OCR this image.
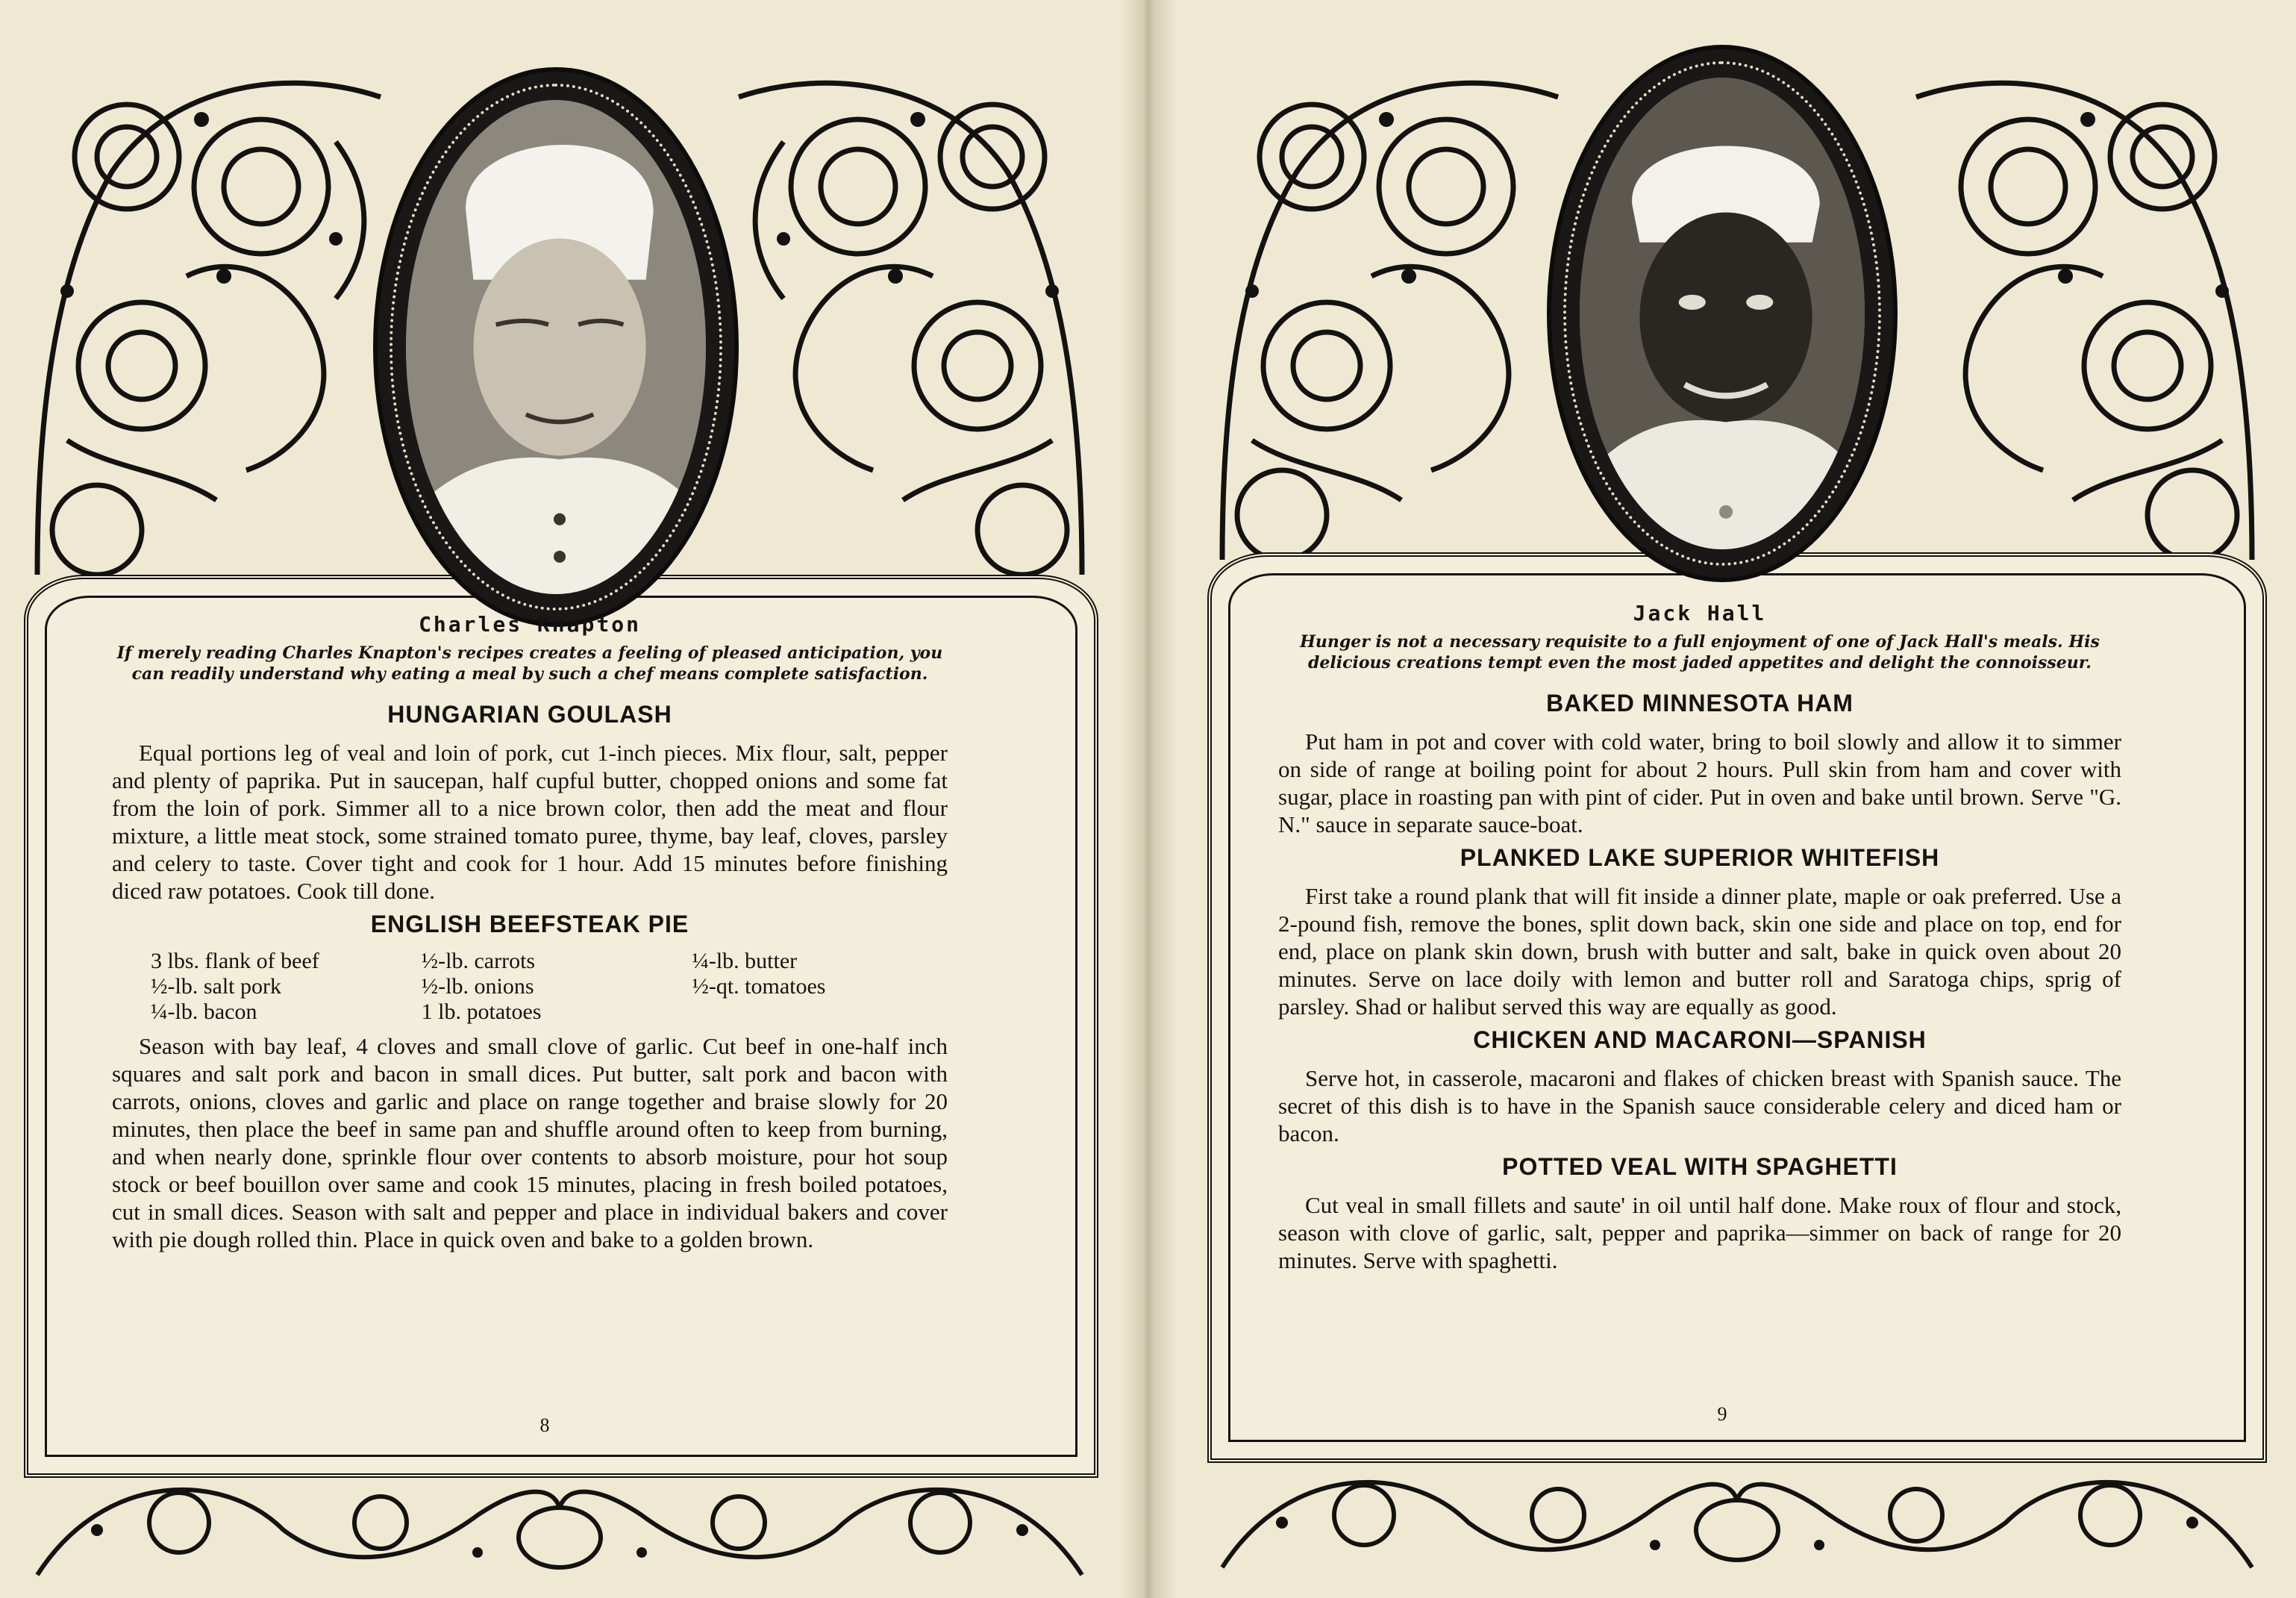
Charles Knapton
If merely reading Charles Knapton's recipes creates a feeling of pleased anticipation, you can readily understand why eating a meal by such a chef means complete satisfaction.
HUNGARIAN GOULASH

Equal portions leg of veal and loin of pork, cut 1-inch pieces. Mix flour, salt, pepper and plenty of paprika. Put in saucepan, half cupful butter, chopped onions and some fat from the loin of pork. Simmer all to a nice brown color, then add the meat and flour mixture, a little meat stock, some strained tomato puree, thyme, bay leaf, cloves, parsley and celery to taste. Cover tight and cook for 1 hour. Add 15 minutes before finishing diced raw potatoes. Cook till done.

ENGLISH BEEFSTEAK PIE
3 lbs. flank of beef
½-lb. salt pork
¼-lb. bacon
½-lb. carrots
½-lb. onions
1 lb. potatoes
¼-lb. butter
½-qt. tomatoes

Season with bay leaf, 4 cloves and small clove of garlic. Cut beef in one-half inch squares and salt pork and bacon in small dices. Put butter, salt pork and bacon with carrots, onions, cloves and garlic and place on range together and braise slowly for 20 minutes, then place the beef in same pan and shuffle around often to keep from burning, and when nearly done, sprinkle flour over contents to absorb moisture, pour hot soup stock or beef bouillon over same and cook 15 minutes, placing in fresh boiled potatoes, cut in small dices. Season with salt and pepper and place in individual bakers and cover with pie dough rolled thin. Place in quick oven and bake to a golden brown.

8
Jack Hall
Hunger is not a necessary requisite to a full enjoyment of one of Jack Hall's meals. His delicious creations tempt even the most jaded appetites and delight the connoisseur.
BAKED MINNESOTA HAM

Put ham in pot and cover with cold water, bring to boil slowly and allow it to simmer on side of range at boiling point for about 2 hours. Pull skin from ham and cover with sugar, place in roasting pan with pint of cider. Put in oven and bake until brown. Serve "G. N." sauce in separate sauce-boat.

PLANKED LAKE SUPERIOR WHITEFISH

First take a round plank that will fit inside a dinner plate, maple or oak preferred. Use a 2-pound fish, remove the bones, split down back, skin one side and place on top, end for end, place on plank skin down, brush with butter and salt, bake in quick oven about 20 minutes. Serve on lace doily with lemon and butter roll and Saratoga chips, sprig of parsley. Shad or halibut served this way are equally as good.

CHICKEN AND MACARONI—SPANISH

Serve hot, in casserole, macaroni and flakes of chicken breast with Spanish sauce. The secret of this dish is to have in the Spanish sauce considerable celery and diced ham or bacon.

POTTED VEAL WITH SPAGHETTI

Cut veal in small fillets and saute' in oil until half done. Make roux of flour and stock, season with clove of garlic, salt, pepper and paprika—simmer on back of range for 20 minutes. Serve with spaghetti.

9
